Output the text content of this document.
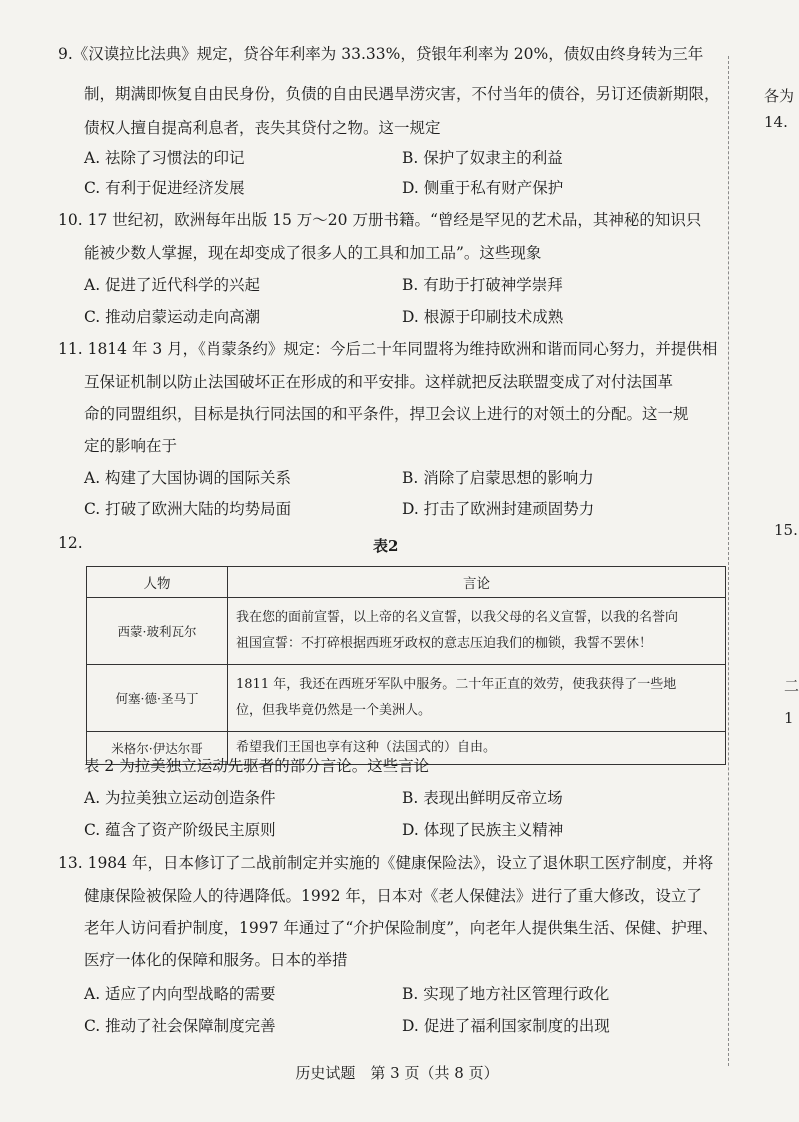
9.《汉谟拉比法典》规定，贷谷年利率为 33.33%，贷银年利率为 20%，债奴由终身转为三年
制，期满即恢复自由民身份，负债的自由民遇旱涝灾害，不付当年的债谷，另订还债新期限，
债权人擅自提高利息者，丧失其贷付之物。这一规定
A. 祛除了习惯法的印记	B. 保护了奴隶主的利益
C. 有利于促进经济发展	D. 侧重于私有财产保护
10. 17 世纪初，欧洲每年出版 15 万～20 万册书籍。“曾经是罕见的艺术品，其神秘的知识只
能被少数人掌握，现在却变成了很多人的工具和加工品”。这些现象
A. 促进了近代科学的兴起	B. 有助于打破神学崇拜
C. 推动启蒙运动走向高潮	D. 根源于印刷技术成熟
11. 1814 年 3 月，《肖蒙条约》规定：今后二十年同盟将为维持欧洲和谐而同心努力，并提供相
互保证机制以防止法国破坏正在形成的和平安排。这样就把反法联盟变成了对付法国革
命的同盟组织，目标是执行同法国的和平条件，捍卫会议上进行的对领土的分配。这一规
定的影响在于
A. 构建了大国协调的国际关系	B. 消除了启蒙思想的影响力
C. 打破了欧洲大陆的均势局面	D. 打击了欧洲封建顽固势力
12.	表2
人物	言论
西蒙·玻利瓦尔	我在您的面前宣誓，以上帝的名义宣誓，以我父母的名义宣誓，以我的名誉向
祖国宣誓：不打碎根据西班牙政权的意志压迫我们的枷锁，我誓不罢休！

何塞·德·圣马丁	1811 年，我还在西班牙军队中服务。二十年正直的效劳，使我获得了一些地
位，但我毕竟仍然是一个美洲人。

米格尔·伊达尔哥	希望我们王国也享有这种（法国式的）自由。
表 2 为拉美独立运动先驱者的部分言论。这些言论
A. 为拉美独立运动创造条件	B. 表现出鲜明反帝立场
C. 蕴含了资产阶级民主原则	D. 体现了民族主义精神
13. 1984 年，日本修订了二战前制定并实施的《健康保险法》，设立了退休职工医疗制度，并将
健康保险被保险人的待遇降低。1992 年，日本对《老人保健法》进行了重大修改，设立了
老年人访问看护制度，1997 年通过了“介护保险制度”，向老年人提供集生活、保健、护理、
医疗一体化的保障和服务。日本的举措
A. 适应了内向型战略的需要	B. 实现了地方社区管理行政化
C. 推动了社会保障制度完善	D. 促进了福利国家制度的出现
各为
14.
15.
二
1
历史试题　第 3 页（共 8 页）
